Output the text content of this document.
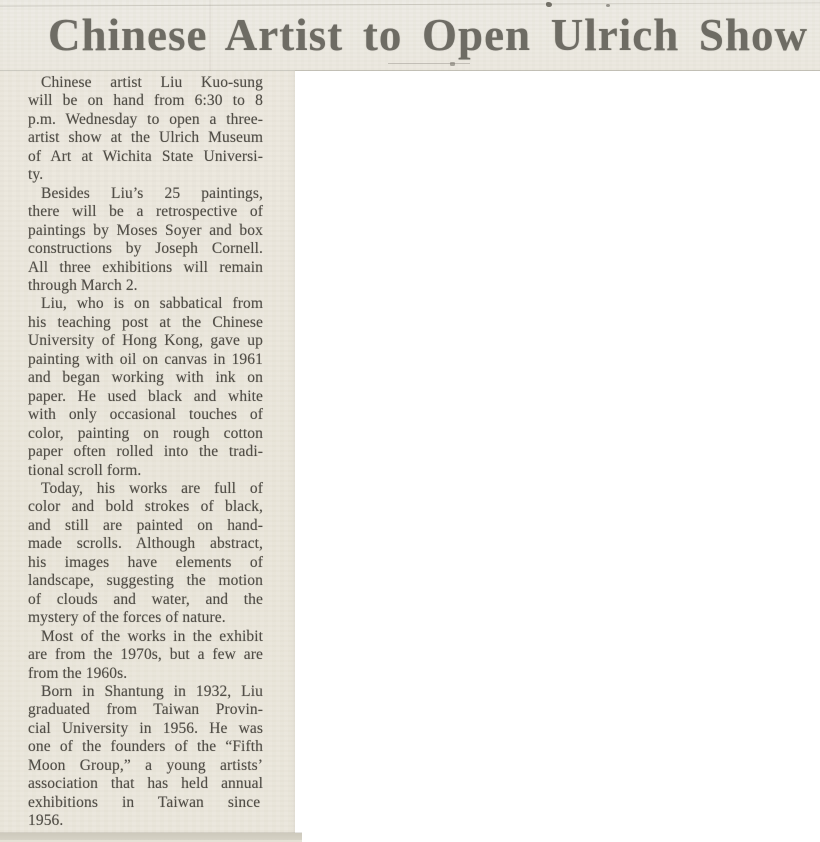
Chinese Artist to Open Ulrich Show
Chinese artist Liu Kuo-sung
will be on hand from 6:30 to 8
p.m. Wednesday to open a three-
artist show at the Ulrich Museum
of Art at Wichita State Universi-
ty.
Besides Liu’s 25 paintings,
there will be a retrospective of
paintings by Moses Soyer and box
constructions by Joseph Cornell.
All three exhibitions will remain
through March 2.
Liu, who is on sabbatical from
his teaching post at the Chinese
University of Hong Kong, gave up
painting with oil on canvas in 1961
and began working with ink on
paper. He used black and white
with only occasional touches of
color, painting on rough cotton
paper often rolled into the tradi-
tional scroll form.
Today, his works are full of
color and bold strokes of black,
and still are painted on hand-
made scrolls. Although abstract,
his images have elements of
landscape, suggesting the motion
of clouds and water, and the
mystery of the forces of nature.
Most of the works in the exhibit
are from the 1970s, but a few are
from the 1960s.
Born in Shantung in 1932, Liu
graduated from Taiwan Provin-
cial University in 1956. He was
one of the founders of the “Fifth
Moon Group,” a young artists’
association that has held annual
exhibitions in Taiwan since
1956.
